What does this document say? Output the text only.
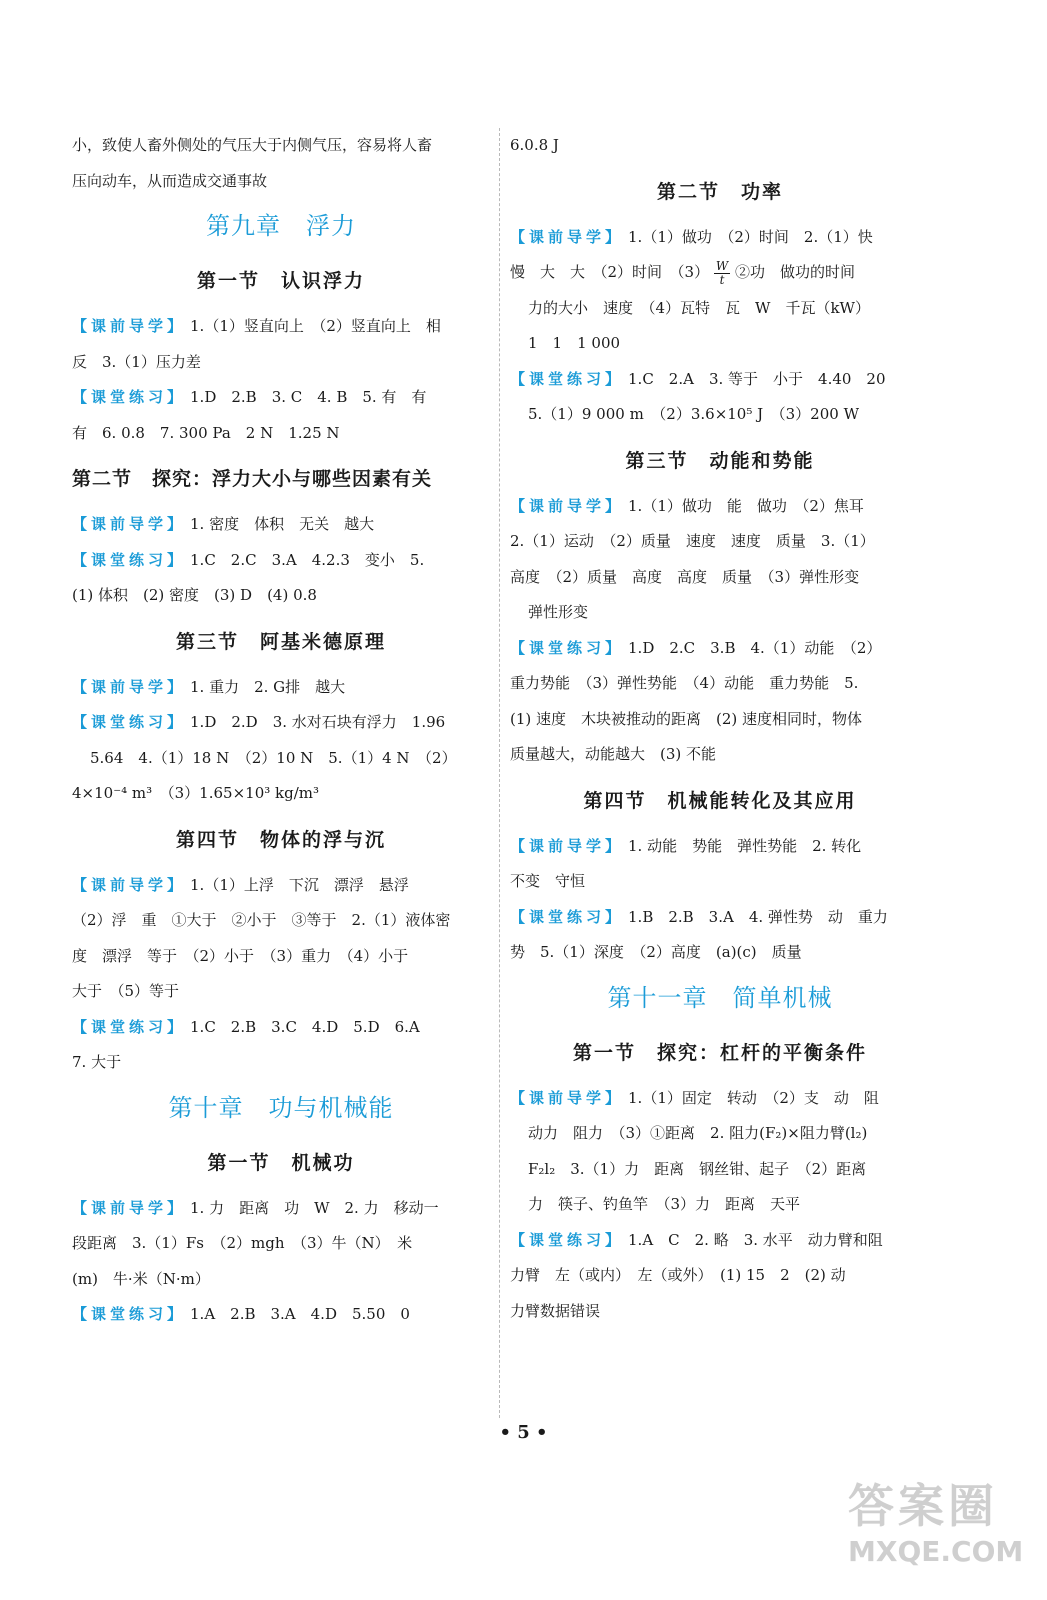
小，致使人畜外侧处的气压大于内侧气压，容易将人畜
压向动车，从而造成交通事故
第九章　浮力
第一节　认识浮力
【课前导学】 1.（1）竖直向上　（2）竖直向上　相
反　3.（1）压力差
【课堂练习】 1.D　2.B　3. C　4. B　5. 有　有
有　6. 0.8　7. 300 Pa　2 N　1.25 N
第二节　探究：浮力大小与哪些因素有关
【课前导学】 1. 密度　体积　无关　越大
【课堂练习】 1.C　2.C　3.A　4.2.3　变小　5.
(1) 体积　(2) 密度　(3) D　(4) 0.8
第三节　阿基米德原理
【课前导学】 1. 重力　2. G排　越大
【课堂练习】 1.D　2.D　3. 水对石块有浮力　1.96
5.64　4.（1）18 N　（2）10 N　5.（1）4 N　（2）
4×10⁻⁴ m³　（3）1.65×10³ kg/m³
第四节　物体的浮与沉
【课前导学】 1.（1）上浮　下沉　漂浮　悬浮
（2）浮　重　①大于　②小于　③等于　2.（1）液体密
度　漂浮　等于　（2）小于　（3）重力　（4）小于
大于　（5）等于
【课堂练习】 1.C　2.B　3.C　4.D　5.D　6.A
7. 大于
第十章　功与机械能
第一节　机械功
【课前导学】 1. 力　距离　功　W　2. 力　移动一
段距离　3.（1）Fs　（2）mgh　（3）牛（N）　米
(m)　牛·米（N·m）
【课堂练习】 1.A　2.B　3.A　4.D　5.50　0
6.0.8 J
第二节　功率
【课前导学】 1.（1）做功　（2）时间　2.（1）快
慢　大　大　（2）时间　$(3) \frac{W}{t}$ ②功　做功的时间
力的大小　速度　（4）瓦特　瓦　W　千瓦（kW）
1　1　1 000
【课堂练习】 1.C　2.A　3. 等于　小于　4.40　20
5.（1）9 000 m　（2）3.6×10⁵ J　（3）200 W
第三节　动能和势能
【课前导学】 1.（1）做功　能　做功　（2）焦耳
2.（1）运动　（2）质量　速度　速度　质量　3.（1）
高度　（2）质量　高度　高度　质量　（3）弹性形变
弹性形变
【课堂练习】 1.D　2.C　3.B　4.（1）动能　（2）
重力势能　（3）弹性势能　（4）动能　重力势能　5.
(1) 速度　木块被推动的距离　(2) 速度相同时，物体
质量越大，动能越大　(3) 不能
第四节　机械能转化及其应用
【课前导学】 1. 动能　势能　弹性势能　2. 转化
不变　守恒
【课堂练习】 1.B　2.B　3.A　4. 弹性势　动　重力
势　5.（1）深度　（2）高度　(a)(c)　质量
第十一章　简单机械
第一节　探究：杠杆的平衡条件
【课前导学】 1.（1）固定　转动　（2）支　动　阻
动力　阻力　（3）①距离　2. 阻力(F₂)×阻力臂(l₂)
F₂l₂　3.（1）力　距离　钢丝钳、起子　（2）距离
力　筷子、钓鱼竿　（3）力　距离　天平
【课堂练习】 1.A　C　2. 略　3. 水平　动力臂和阻
力臂　左（或内）　左（或外）　(1) 15　2　(2) 动
力臂数据错误
• 5 •
答案圈
MXQE.COM
